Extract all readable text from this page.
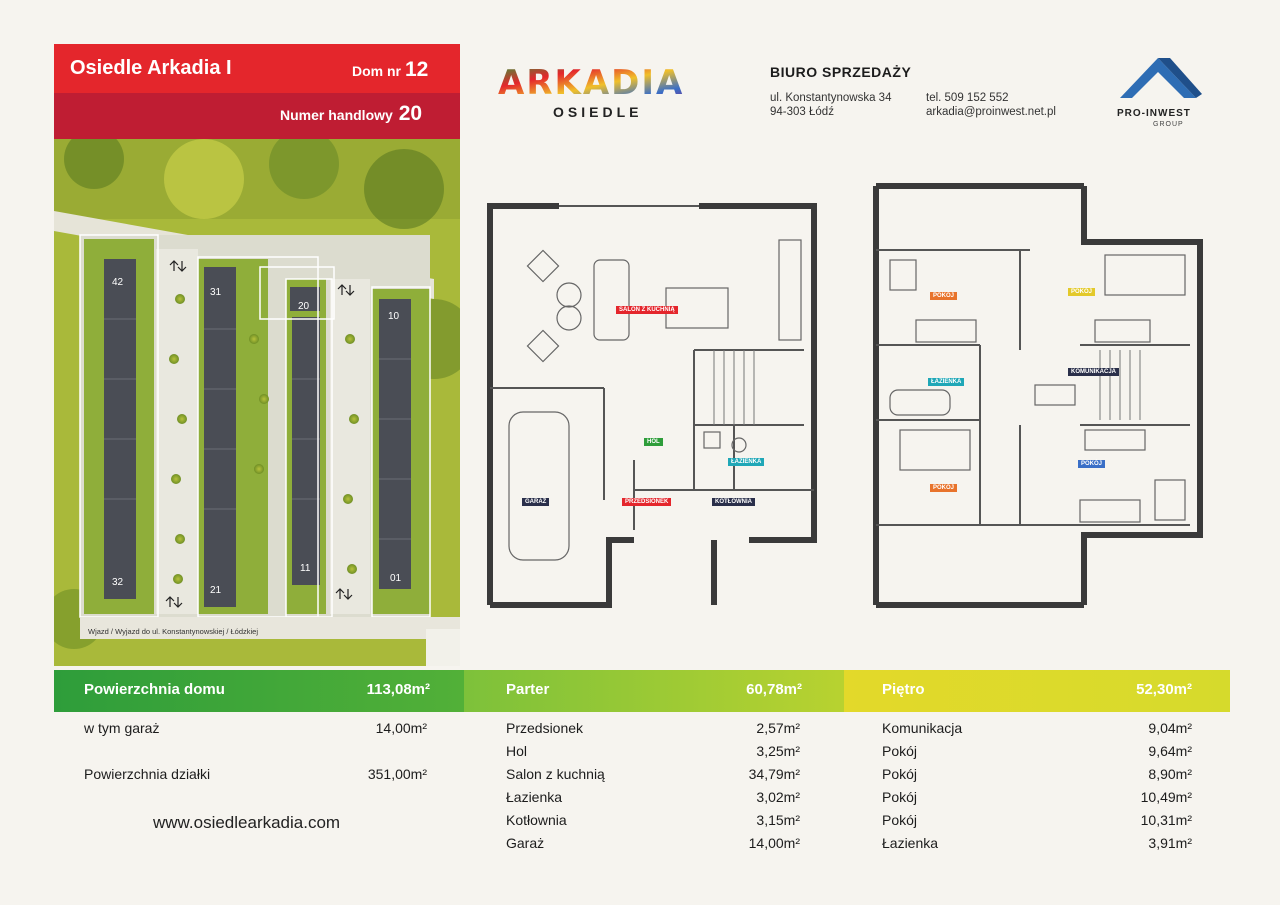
Osiedle Arkadia I	Dom nr 12
Numer handlowy 20
42
32
31
21
20
11
10
01
Wjazd / Wyjazd do ul. Konstantynowskiej / Łódzkiej
ARKADIA
OSIEDLE
BIURO SPRZEDAŻY
ul. Konstantynowska 34
94-303 Łódź
tel. 509 152 552
arkadia@proinwest.net.pl	PRO-INWEST
GROUP
SALON Z KUCHNIĄ
HOL
ŁAZIENKA
GARAŻ	PRZEDSIONEK	KOTŁOWNIA
POKÓJ
POKÓJ
ŁAZIENKA
KOMUNIKACJA
POKÓJ
POKÓJ
Powierzchnia domu	113,08m²	Parter	60,78m²	Piętro	52,30m²
w tym garaż	14,00m²
Powierzchnia działki	351,00m²
www.osiedlearkadia.com
Przedsionek	2,57m²
Hol	3,25m²
Salon z kuchnią	34,79m²
Łazienka	3,02m²
Kotłownia	3,15m²
Garaż	14,00m²
Komunikacja	9,04m²
Pokój	9,64m²
Pokój	8,90m²
Pokój	10,49m²
Pokój	10,31m²
Łazienka	3,91m²
